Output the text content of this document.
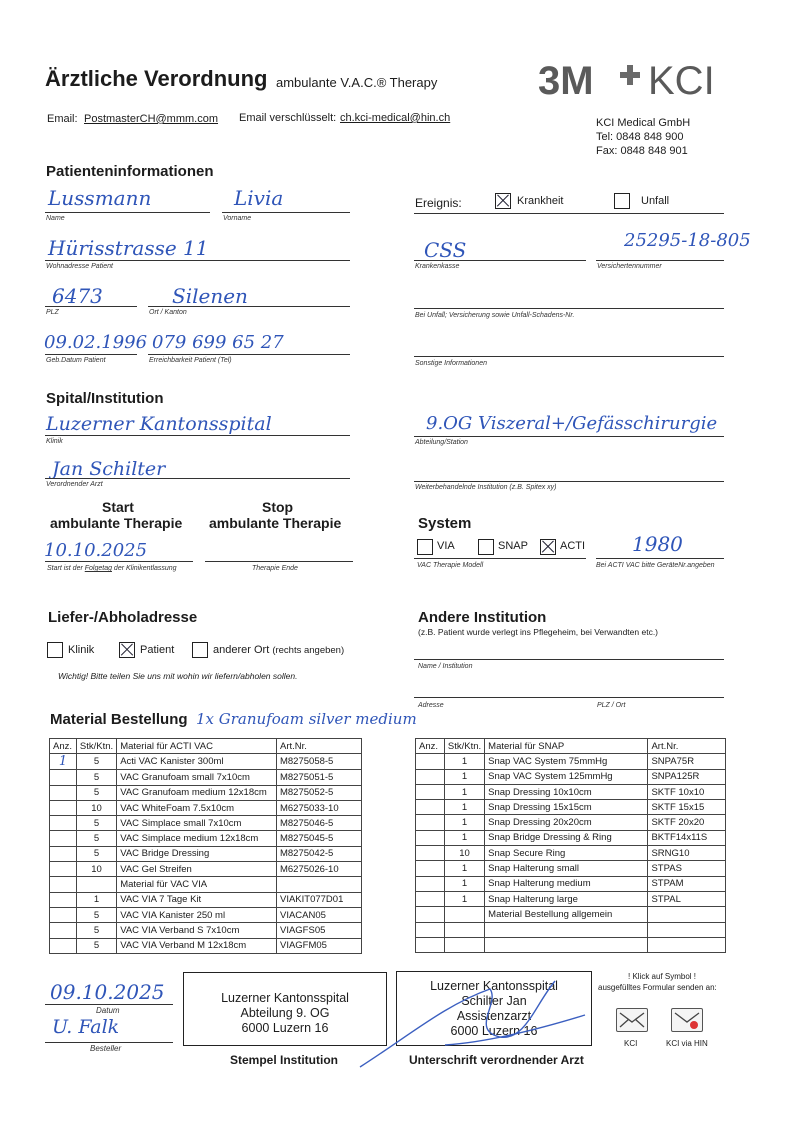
Ärztliche Verordnung ambulante V.A.C.® Therapy	3M KCI
Email: PostmasterCH@mmm.com Email verschlüsselt: ch.kci-medical@hin.ch	KCI Medical GmbH
Tel: 0848 848 900
Fax: 0848 848 901
Patienteninformationen
Lussmann
Name
Livia
Vorname
Hürisstrasse 11
Wohnadresse Patient
6473
PLZ
Silenen
Ort / Kanton
09.02.1996
Geb.Datum Patient
079 699 65 27
Erreichbarkeit Patient (Tel)
Ereignis:	Krankheit	Unfall
CSS
Krankenkasse
25295-18-805
Versichertennummer
Bei Unfall; Versicherung sowie Unfall-Schadens-Nr.
Sonstige Informationen
Spital/Institution
Luzerner Kantonsspital
Klinik
Jan Schilter
Verordnender Arzt
9.OG Viszeral+/Gefässchirurgie
Abteilung/Station
Weiterbehandelnde Institution (z.B. Spitex xy)
Start
ambulante Therapie
Stop
ambulante Therapie
10.10.2025
Start ist der Folgetag der Klinikentlassung	Therapie Ende
System
VIA	SNAP	ACTI
VAC Therapie Modell
1980
Bei ACTI VAC bitte GeräteNr.angeben
Liefer-/Abholadresse
Klinik	Patient	anderer Ort (rechts angeben)
Wichtig! Bitte teilen Sie uns mit wohin wir liefern/abholen sollen.
Andere Institution
(z.B. Patient wurde verlegt ins Pflegeheim, bei Verwandten etc.)
Name / Institution
Adresse	PLZ / Ort
Material Bestellung 1x Granufoam silver medium
Anz.	Stk/Ktn.	Material für ACTI VAC	Art.Nr.
1	5	Acti VAC Kanister 300ml	M8275058-5
	5	VAC Granufoam small 7x10cm	M8275051-5
	5	VAC Granufoam medium 12x18cm	M8275052-5
	10	VAC WhiteFoam 7.5x10cm	M6275033-10
	5	VAC Simplace small 7x10cm	M8275046-5
	5	VAC Simplace medium 12x18cm	M8275045-5
	5	VAC Bridge Dressing	M8275042-5
	10	VAC Gel Streifen	M6275026-10
		Material für VAC VIA	
	1	VAC VIA 7 Tage Kit	VIAKIT077D01
	5	VAC VIA Kanister 250 ml	VIACAN05
	5	VAC VIA Verband S 7x10cm	VIAGFS05
	5	VAC VIA Verband M 12x18cm	VIAGFM05
Anz.	Stk/Ktn.	Material für SNAP	Art.Nr.
	1	Snap VAC System 75mmHg	SNPA75R
	1	Snap VAC System 125mmHg	SNPA125R
	1	Snap Dressing 10x10cm	SKTF 10x10
	1	Snap Dressing 15x15cm	SKTF 15x15
	1	Snap Dressing 20x20cm	SKTF 20x20
	1	Snap Bridge Dressing & Ring	BKTF14x11S
	10	Snap Secure Ring	SRNG10
	1	Snap Halterung small	STPAS
	1	Snap Halterung medium	STPAM
	1	Snap Halterung large	STPAL
		Material Bestellung allgemein	

09.10.2025
Datum
U. Falk
Besteller
Luzerner Kantonsspital
Abteilung 9. OG
6000 Luzern 16
Stempel Institution
Luzerner Kantonsspital
Schilter Jan
Assistenzarzt
6000 Luzern 16
Unterschrift verordnender Arzt
! Klick auf Symbol !
ausgefülltes Formular senden an:
KCI	KCI via HIN
